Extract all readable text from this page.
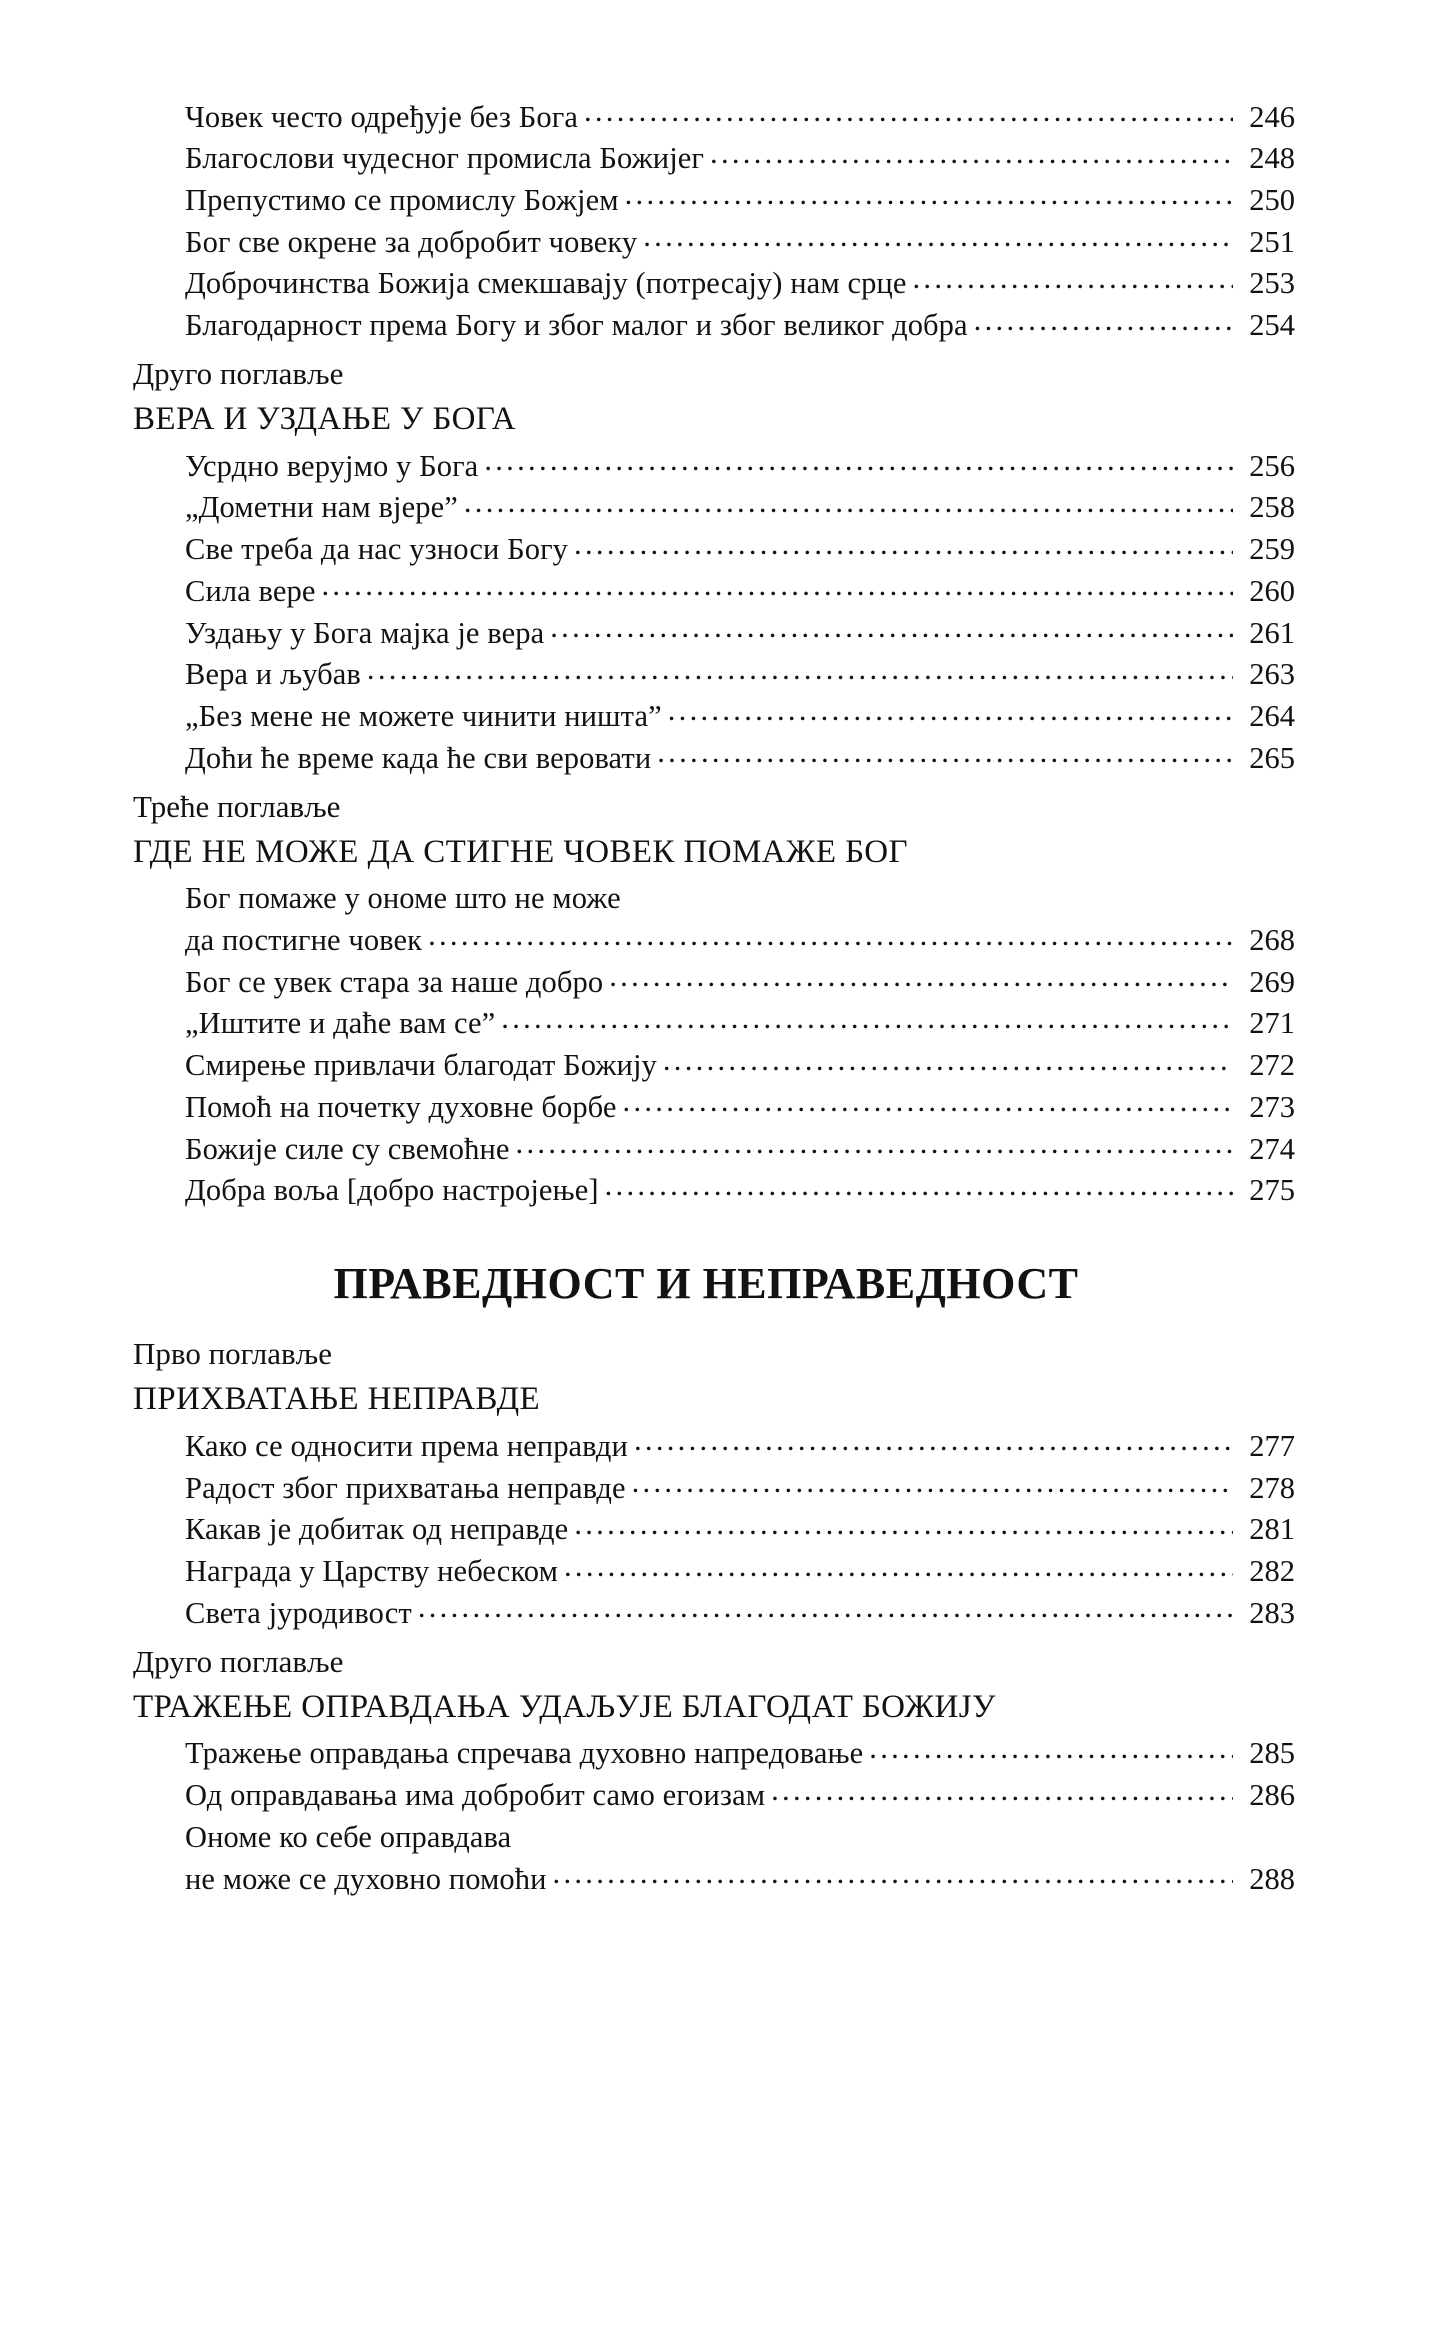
Човек често одређује без Бога .....	246
Благослови чудесног промисла Божијег .....	248
Препустимо се промислу Божјем .....	250
Бог све окрене за добробит човеку .....	251
Доброчинства Божија смекшавају (потресају) нам срце .....	253
Благодарност према Богу и због малог и због великог добра .....	254
Друго поглавље
ВЕРА И УЗДАЊЕ У БОГА
Усрдно верујмо у Бога .....	256
„Дометни нам вјере” .....	258
Све треба да нас узноси Богу .....	259
Сила вере .....	260
Уздању у Бога мајка је вера .....	261
Вера и љубав .....	263
„Без мене не можете чинити ништа” .....	264
Доћи ће време када ће сви веровати .....	265
Треће поглавље
ГДЕ НЕ МОЖЕ ДА СТИГНЕ ЧОВЕК ПОМАЖЕ БОГ
Бог помаже у ономе што не може
да постигне човек .....	268
Бог се увек стара за наше добро .....	269
„Иштите и даће вам се” .....	271
Смирење привлачи благодат Божију .....	272
Помоћ на почетку духовне борбе .....	273
Божије силе су свемоћне .....	274
Добра воља [добро настројење] .....	275
ПРАВЕДНОСТ И НЕПРАВЕДНОСТ
Прво поглавље
ПРИХВАТАЊЕ НЕПРАВДЕ
Како се односити према неправди .....	277
Радост због прихватања неправде .....	278
Какав је добитак од неправде .....	281
Награда у Царству небеском .....	282
Света јуродивост .....	283
Друго поглавље
ТРАЖЕЊЕ ОПРАВДАЊА УДАЉУЈЕ БЛАГОДАТ БОЖИЈУ
Тражење оправдања спречава духовно напредовање .....	285
Од оправдавања има добробит само егоизам .....	286
Ономе ко себе оправдава
не може се духовно помоћи .....	288
